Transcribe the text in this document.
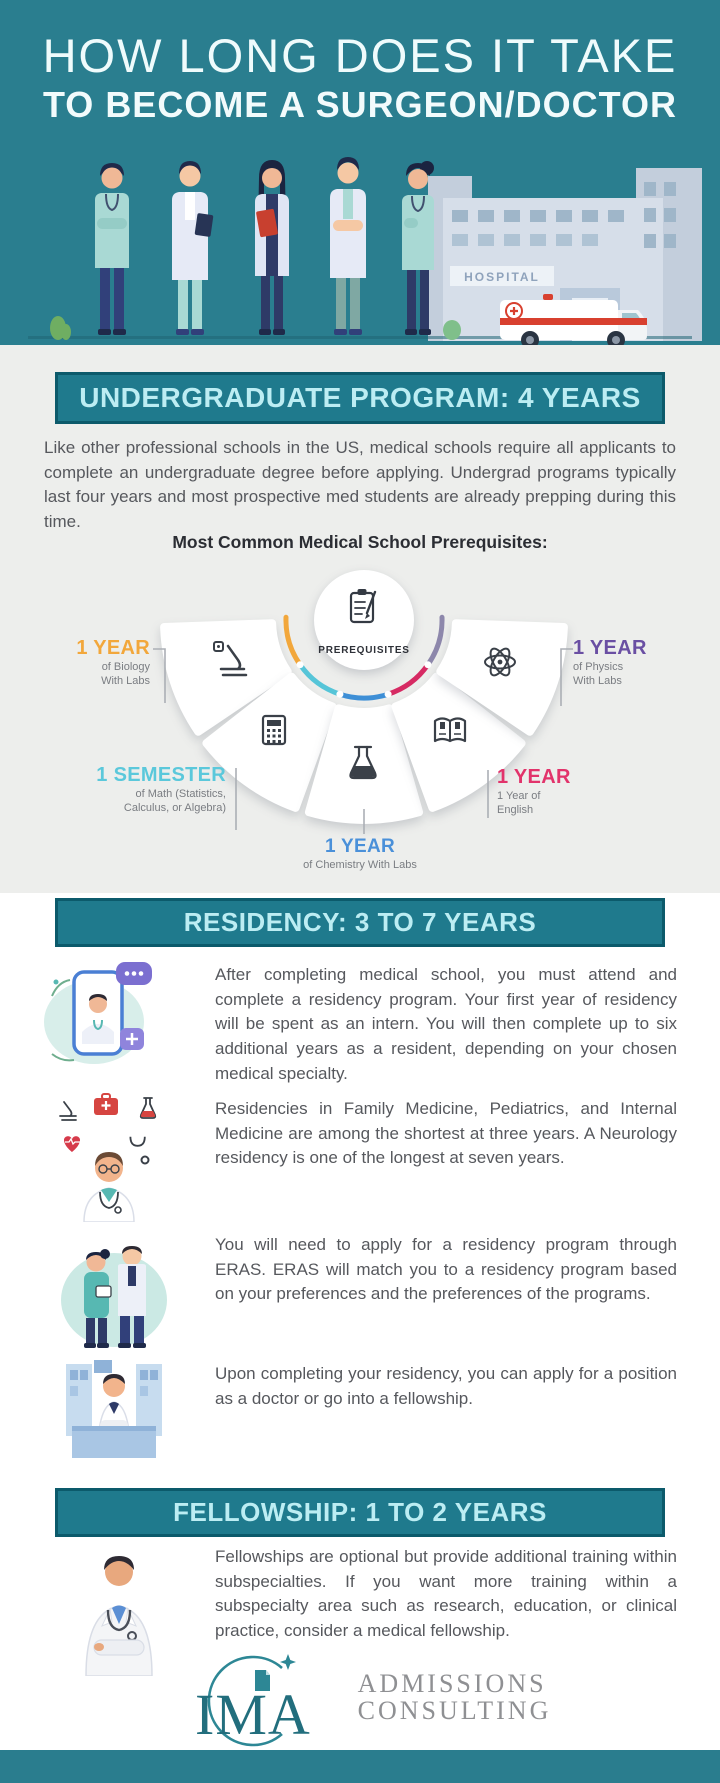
HOW LONG DOES IT TAKE
TO BECOME A SURGEON/DOCTOR
HOSPITAL
UNDERGRADUATE PROGRAM: 4 YEARS
Like other professional schools in the US, medical schools require all applicants to complete an undergraduate degree before applying. Undergrad programs typically last four years and most prospective med students are already prepping during this time.
Most Common Medical School Prerequisites:
PREREQUISITES
1 YEAR
of Biology
With Labs
1 YEAR
of Physics
With Labs
1 SEMESTER
of Math (Statistics,
Calculus, or Algebra)
1 YEAR
1 Year of
English
1 YEAR
of Chemistry With Labs
RESIDENCY: 3 TO 7 YEARS
After completing medical school, you must attend and complete a residency program. Your first year of residency will be spent as an intern. You will then complete up to six additional years as a resident, depending on your chosen medical specialty.
Residencies in Family Medicine, Pediatrics, and Internal Medicine are among the shortest at three years. A Neurology residency is one of the longest at seven years.
You will need to apply for a residency program through ERAS. ERAS will match you to a residency program based on your preferences and the preferences of the programs.
Upon completing your residency, you can apply for a position as a doctor or go into a fellowship.
FELLOWSHIP: 1 TO 2 YEARS
Fellowships are optional but provide additional training within subspecialties. If you want more training within a subspecialty area such as research, education, or clinical practice, consider a medical fellowship.
IMA ADMISSIONS
CONSULTING
